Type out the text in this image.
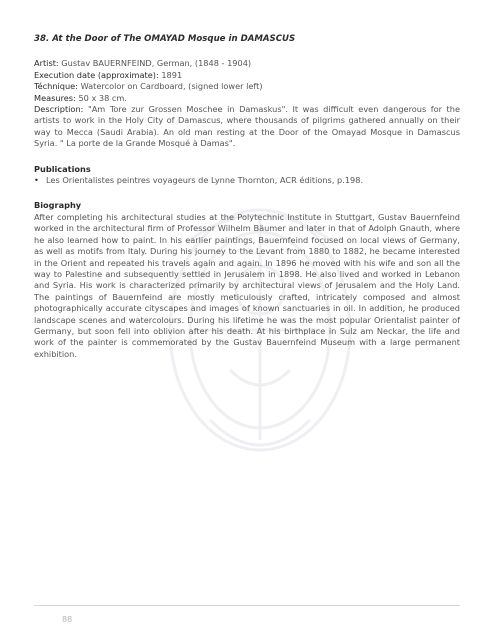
38. At the Door of The OMAYAD Mosque in DAMASCUS

Artist: Gustav BAUERNFEIND, German, (1848 - 1904)

Execution date (approximate): 1891

Téchnique: Watercolor on Cardboard, (signed lower left)

Measures: 50 x 38 cm.

Description: "Am Tore zur Grossen Moschee in Damaskus". It was difficult even dangerous for the artists to work in the Holy City of Damascus, where thousands of pilgrims gathered annually on their way to Mecca (Saudi Arabia). An old man resting at the Door of the Omayad Mosque in Damascus Syria. " La porte de la Grande Mosqué à Damas".

Publications
• Les Orientalistes peintres voyageurs de Lynne Thornton, ACR éditions, p.198.
Biography

After completing his architectural studies at the Polytechnic Institute in Stuttgart, Gustav Bauernfeind worked in the architectural firm of Professor Wilhelm Bäumer and later in that of Adolph Gnauth, where he also learned how to paint. In his earlier paintings, Bauernfeind focused on local views of Germany, as well as motifs from Italy. During his journey to the Levant from 1880 to 1882, he became interested in the Orient and repeated his travels again and again. In 1896 he moved with his wife and son all the way to Palestine and subsequently settled in Jerusalem in 1898. He also lived and worked in Lebanon and Syria. His work is characterized primarily by architectural views of Jerusalem and the Holy Land. The paintings of Bauernfeind are mostly meticulously crafted, intricately composed and almost photographically accurate cityscapes and images of known sanctuaries in oil. In addition, he produced landscape scenes and watercolours. During his lifetime he was the most popular Orientalist painter of Germany, but soon fell into oblivion after his death. At his birthplace in Sulz am Neckar, the life and work of the painter is commemorated by the Gustav Bauernfeind Museum with a large permanent exhibition.

88
